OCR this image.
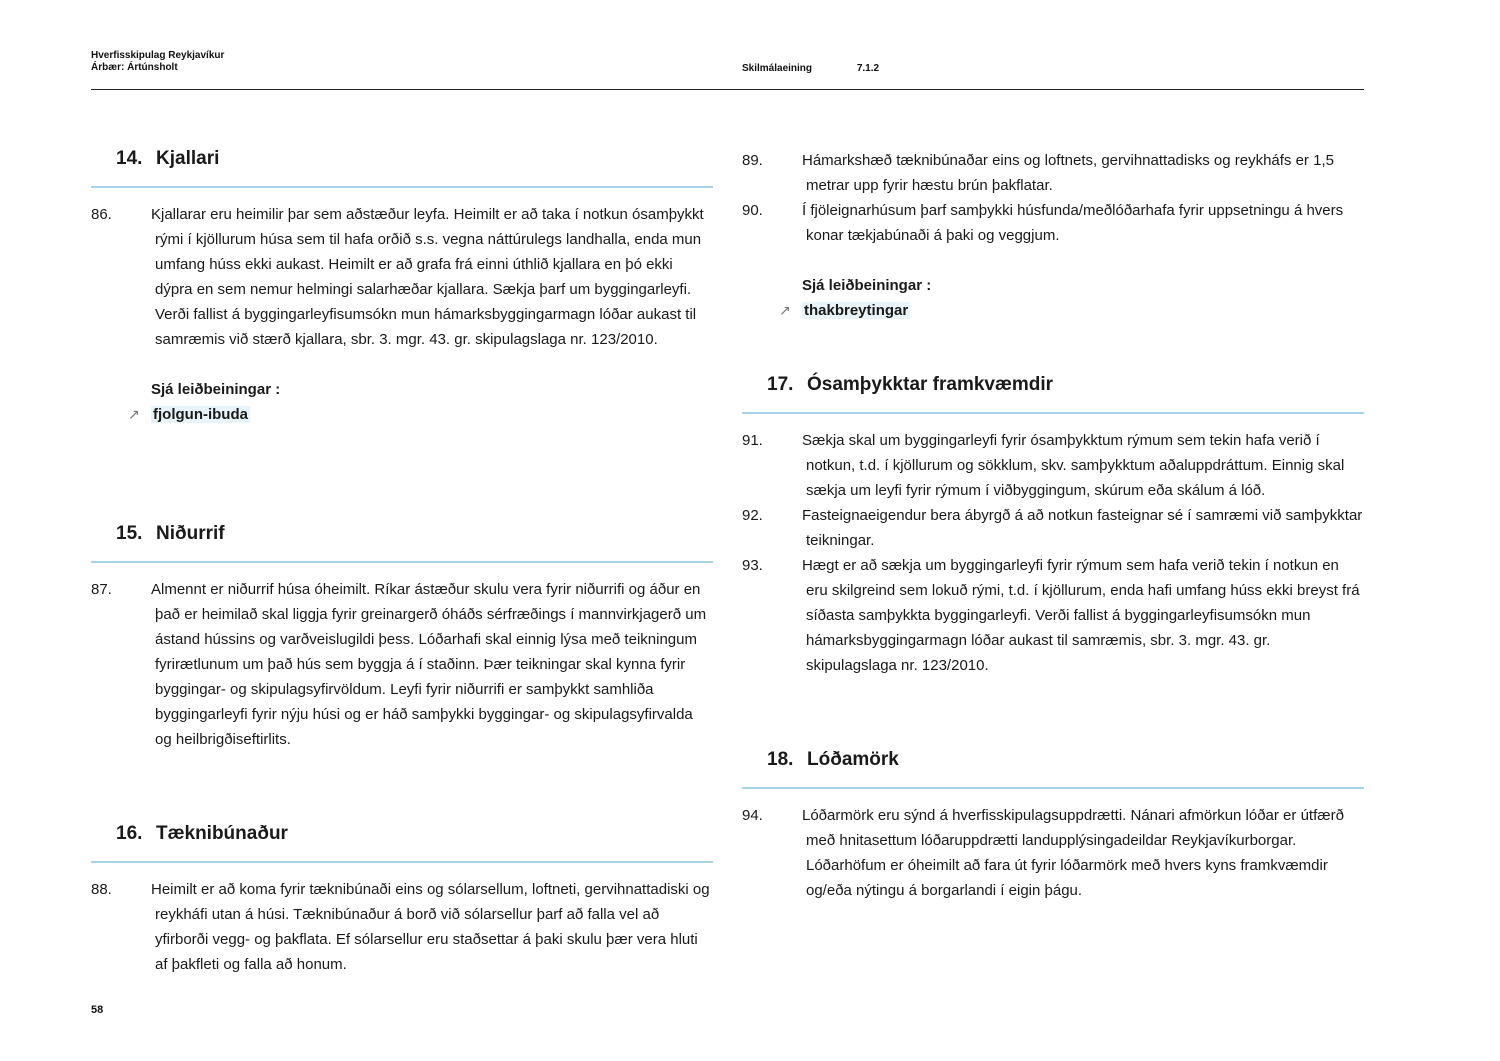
Hverfisskipulag Reykjavíkur
Árbær: Ártúnsholt	Skilmálaeining	7.1.2
14. Kjallari
86.	Kjallarar eru heimilir þar sem aðstæður leyfa. Heimilt er að taka í notkun ósamþykkt rými í kjöllurum húsa sem til hafa orðið s.s. vegna náttúrulegs landhalla, enda mun umfang húss ekki aukast. Heimilt er að grafa frá einni úthlið kjallara en þó ekki dýpra en sem nemur helmingi salarhæðar kjallara. Sækja þarf um byggingarleyfi. Verði fallist á byggingarleyfisumsókn mun hámarksbyggingarmagn lóðar aukast til samræmis við stærð kjallara, sbr. 3. mgr. 43. gr. skipulagslaga nr. 123/2010.
Sjá leiðbeiningar :
↗ fjolgun-ibuda
15. Niðurrif
87.	Almennt er niðurrif húsa óheimilt. Ríkar ástæður skulu vera fyrir niðurrifi og áður en það er heimilað skal liggja fyrir greinargerð óháðs sérfræðings í mannvirkjagerð um ástand hússins og varðveislugildi þess. Lóðarhafi skal einnig lýsa með teikningum fyrirætlunum um það hús sem byggja á í staðinn. Þær teikningar skal kynna fyrir byggingar- og skipulagsyfirvöldum. Leyfi fyrir niðurrifi er samþykkt samhliða byggingarleyfi fyrir nýju húsi og er háð samþykki byggingar- og skipulagsyfirvalda og heilbrigðiseftirlits.
16. Tæknibúnaður
88.	Heimilt er að koma fyrir tæknibúnaði eins og sólarsellum, loftneti, gervihnattadiski og reykháfi utan á húsi. Tæknibúnaður á borð við sólarsellur þarf að falla vel að yfirborði vegg- og þakflata. Ef sólarsellur eru staðsettar á þaki skulu þær vera hluti af þakfleti og falla að honum.
89.	Hámarkshæð tæknibúnaðar eins og loftnets, gervihnattadisks og reykháfs er 1,5 metrar upp fyrir hæstu brún þakflatar.
90.	Í fjöleignarhúsum þarf samþykki húsfunda/meðlóðarhafa fyrir uppsetningu á hvers konar tækjabúnaði á þaki og veggjum.
Sjá leiðbeiningar :
↗ thakbreytingar
17. Ósamþykktar framkvæmdir
91.	Sækja skal um byggingarleyfi fyrir ósamþykktum rýmum sem tekin hafa verið í notkun, t.d. í kjöllurum og sökklum, skv. samþykktum aðaluppdráttum. Einnig skal sækja um leyfi fyrir rýmum í viðbyggingum, skúrum eða skálum á lóð.
92.	Fasteignaeigendur bera ábyrgð á að notkun fasteignar sé í samræmi við samþykktar teikningar.
93.	Hægt er að sækja um byggingarleyfi fyrir rýmum sem hafa verið tekin í notkun en eru skilgreind sem lokuð rými, t.d. í kjöllurum, enda hafi umfang húss ekki breyst frá síðasta samþykkta byggingarleyfi. Verði fallist á byggingarleyfisumsókn mun hámarksbyggingarmagn lóðar aukast til samræmis, sbr. 3. mgr. 43. gr. skipulagslaga nr. 123/2010.
18. Lóðamörk
94.	Lóðarmörk eru sýnd á hverfisskipulagsuppdrætti. Nánari afmörkun lóðar er útfærð með hnitasettum lóðaruppdrætti landupplýsingadeildar Reykjavíkurborgar. Lóðarhöfum er óheimilt að fara út fyrir lóðarmörk með hvers kyns framkvæmdir og/eða nýtingu á borgarlandi í eigin þágu.
58
